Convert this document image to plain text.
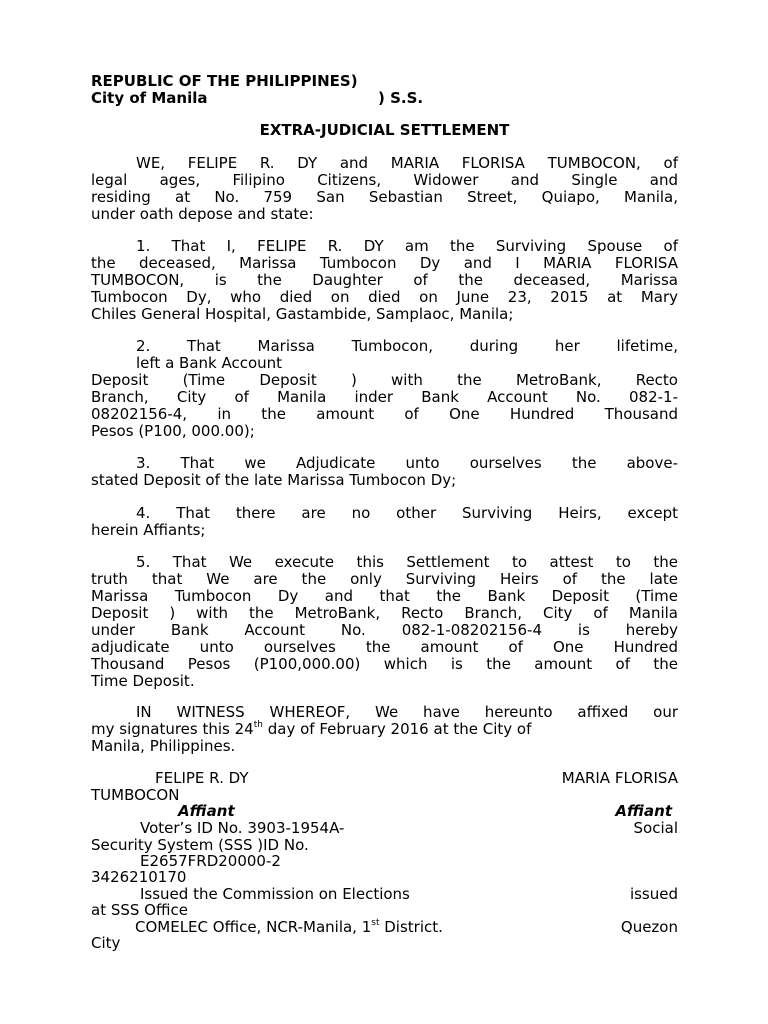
REPUBLIC OF THE PHILIPPINES)
City of Manila	) S.S.
EXTRA-JUDICIAL SETTLEMENT
WE, FELIPE R. DY and MARIA FLORISA TUMBOCON, of
legal ages, Filipino Citizens, Widower and Single and
residing at No. 759 San Sebastian Street, Quiapo, Manila,
under oath depose and state:
1. That I, FELIPE R. DY am the Surviving Spouse of
the deceased, Marissa Tumbocon Dy and I MARIA FLORISA
TUMBOCON, is the Daughter of the deceased, Marissa
Tumbocon Dy, who died on died on June 23, 2015 at Mary
Chiles General Hospital, Gastambide, Samplaoc, Manila;
2. That Marissa Tumbocon, during her lifetime,
left a Bank Account
Deposit (Time Deposit ) with the MetroBank, Recto
Branch, City of Manila inder Bank Account No. 082-1-
08202156-4, in the amount of One Hundred Thousand
Pesos (P100, 000.00);
3. That we Adjudicate unto ourselves the above-
stated Deposit of the late Marissa Tumbocon Dy;
4. That there are no other Surviving Heirs, except
herein Affiants;
5. That We execute this Settlement to attest to the
truth that We are the only Surviving Heirs of the late
Marissa Tumbocon Dy and that the Bank Deposit (Time
Deposit ) with the MetroBank, Recto Branch, City of Manila
under Bank Account No. 082-1-08202156-4 is hereby
adjudicate unto ourselves the amount of One Hundred
Thousand Pesos (P100,000.00) which is the amount of the
Time Deposit.
IN WITNESS WHEREOF, We have hereunto affixed our
my signatures this 24th day of February 2016 at the City of
Manila, Philippines.
FELIPE R. DY	MARIA FLORISA
TUMBOCON
Affiant	Affiant
Voter’s ID No. 3903-1954A-	Social
Security System (SSS )ID No.
E2657FRD20000-2
3426210170
Issued the Commission on Elections	issued
at SSS Office
COMELEC Office, NCR-Manila, 1st District.	Quezon
City
